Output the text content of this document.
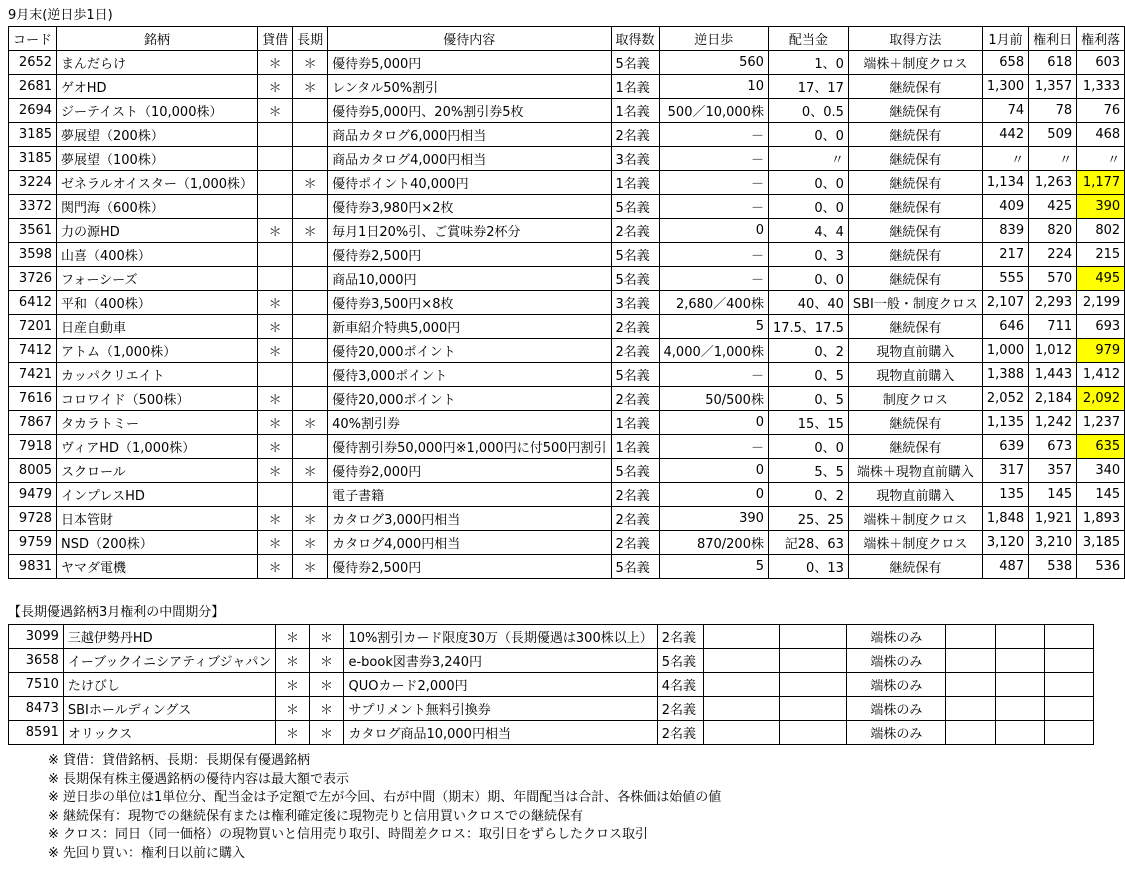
9月末(逆日歩1日)
コード	銘柄	貸借	長期	優待内容	取得数	逆日歩	配当金	取得方法	1月前	権利日	権利落
2652	まんだらけ	＊	＊	優待券5,000円	5名義	560	1、0	端株＋制度クロス	658	618	603
2681	ゲオHD	＊	＊	レンタル50%割引	1名義	10	17、17	継続保有	1,300	1,357	1,333
2694	ジーテイスト（10,000株）	＊		優待券5,000円、20%割引券5枚	1名義	500／10,000株	0、0.5	継続保有	74	78	76
3185	夢展望（200株）			商品カタログ6,000円相当	2名義	－	0、0	継続保有	442	509	468
3185	夢展望（100株）			商品カタログ4,000円相当	3名義	－	〃	継続保有	〃	〃	〃
3224	ゼネラルオイスター（1,000株）		＊	優待ポイント40,000円	1名義	－	0、0	継続保有	1,134	1,263	1,177
3372	関門海（600株）			優待券3,980円×2枚	5名義	－	0、0	継続保有	409	425	390
3561	力の源HD	＊	＊	毎月1日20%引、ご賞味券2杯分	2名義	0	4、4	継続保有	839	820	802
3598	山喜（400株）			優待券2,500円	5名義	－	0、3	継続保有	217	224	215
3726	フォーシーズ			商品10,000円	5名義	－	0、0	継続保有	555	570	495
6412	平和（400株）	＊		優待券3,500円×8枚	3名義	2,680／400株	40、40	SBI一般・制度クロス	2,107	2,293	2,199
7201	日産自動車	＊		新車紹介特典5,000円	2名義	5	17.5、17.5	継続保有	646	711	693
7412	アトム（1,000株）	＊		優待20,000ポイント	2名義	4,000／1,000株	0、2	現物直前購入	1,000	1,012	979
7421	カッパクリエイト			優待3,000ポイント	5名義	－	0、5	現物直前購入	1,388	1,443	1,412
7616	コロワイド（500株）	＊		優待20,000ポイント	2名義	50/500株	0、5	制度クロス	2,052	2,184	2,092
7867	タカラトミー	＊	＊	40%割引券	1名義	0	15、15	継続保有	1,135	1,242	1,237
7918	ヴィアHD（1,000株）	＊		優待割引券50,000円※1,000円に付500円割引	1名義	－	0、0	継続保有	639	673	635
8005	スクロール	＊	＊	優待券2,000円	5名義	0	5、5	端株＋現物直前購入	317	357	340
9479	インプレスHD			電子書籍	2名義	0	0、2	現物直前購入	135	145	145
9728	日本管財	＊	＊	カタログ3,000円相当	2名義	390	25、25	端株＋制度クロス	1,848	1,921	1,893
9759	NSD（200株）	＊	＊	カタログ4,000円相当	2名義	870/200株	記28、63	端株＋制度クロス	3,120	3,210	3,185
9831	ヤマダ電機	＊	＊	優待券2,500円	5名義	5	0、13	継続保有	487	538	536
【長期優遇銘柄3月権利の中間期分】
3099	三越伊勢丹HD	＊	＊	10%割引カード限度30万（長期優遇は300株以上）	2名義			端株のみ			
3658	イーブックイニシアティブジャパン	＊	＊	e-book図書券3,240円	5名義			端株のみ			
7510	たけびし	＊	＊	QUOカード2,000円	4名義			端株のみ			
8473	SBIホールディングス	＊	＊	サプリメント無料引換券	2名義			端株のみ			
8591	オリックス	＊	＊	カタログ商品10,000円相当	2名義			端株のみ			
※ 貸借：貸借銘柄、長期：長期保有優遇銘柄
※ 長期保有株主優遇銘柄の優待内容は最大額で表示
※ 逆日歩の単位は1単位分、配当金は予定額で左が今回、右が中間（期末）期、年間配当は合計、各株価は始値の値
※ 継続保有：現物での継続保有または権利確定後に現物売りと信用買いクロスでの継続保有
※ クロス：同日（同一価格）の現物買いと信用売り取引、時間差クロス：取引日をずらしたクロス取引
※ 先回り買い：権利日以前に購入
